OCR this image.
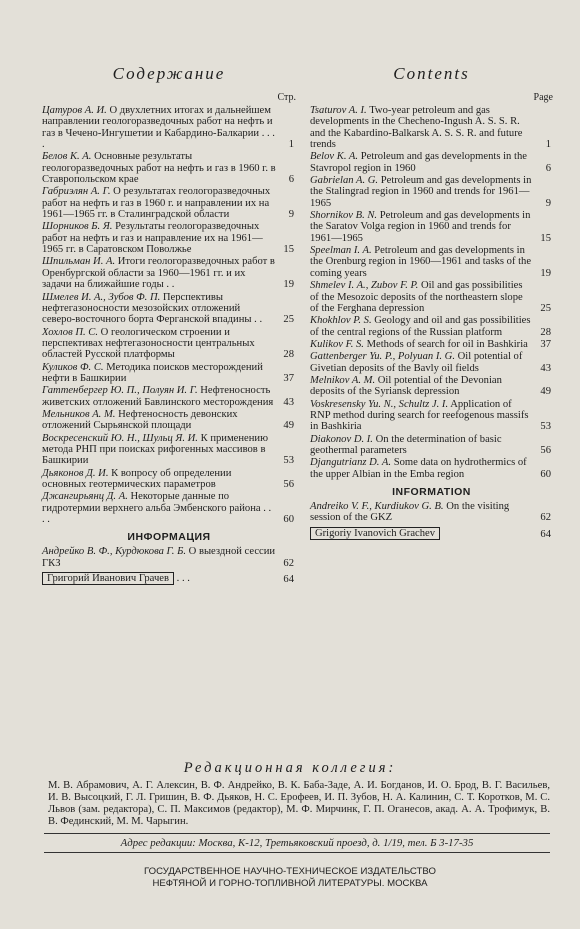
Содержание
Стр.
Цатуров А. И. О двухлетних итогах и дальнейшем направлении геологоразведочных работ на нефть и газ в Чечено-Ингушетии и Кабардино-Балкарии . . . .	1
Белов К. А. Основные результаты геологоразведочных работ на нефть и газ в 1960 г. в Ставропольском крае	6
Габриэлян А. Г. О результатах геологоразведочных работ на нефть и газ в 1960 г. и направлении их на 1961—1965 гг. в Сталинградской области	9
Шорников Б. Я. Результаты геологоразведочных работ на нефть и газ и направление их на 1961—1965 гг. в Саратовском Поволжье	15
Шпильман И. А. Итоги геологоразведочных работ в Оренбургской области за 1960—1961 гг. и их задачи на ближайшие годы . .	19
Шмелев И. А., Зубов Ф. П. Перспективы нефтегазоносности мезозойских отложений северо-восточного борта Ферганской впадины . .	25
Хохлов П. С. О геологическом строении и перспективах нефтегазоносности центральных областей Русской платформы	28
Куликов Ф. С. Методика поисков месторождений нефти в Башкирии	37
Гаттенбергер Ю. П., Полуян И. Г. Нефтеносность живетских отложений Бавлинского месторождения 43
Мельников А. М. Нефтеносность девонских отложений Сырьянской площади	49
Воскресенский Ю. Н., Шульц Я. И. К применению метода РНП при поисках рифогенных массивов в Башкирии	53
Дьяконов Д. И. К вопросу об определении основных геотермических параметров	56
Джангирьянц Д. А. Некоторые данные по гидротермии верхнего альба Эмбенского района . . . .	60
ИНФОРМАЦИЯ
Андрейко В. Ф., Курдюкова Г. Б. О выездной сессии ГКЗ	62
Григорий Иванович Грачев . . .	64
Contents
Page
Tsaturov A. I. Two-year petroleum and gas developments in the Checheno-Ingush A. S. S. R. and the Kabardino-Balkarsk A. S. S. R. and future trends	1
Belov K. A. Petroleum and gas developments in the Stavropol region in 1960	6
Gabrielan A. G. Petroleum and gas developments in the Stalingrad region in 1960 and trends for 1961—1965	9
Shornikov B. N. Petroleum and gas developments in the Saratov Volga region in 1960 and trends for 1961—1965	15
Speelman I. A. Petroleum and gas developments in the Orenburg region in 1960—1961 and tasks of the coming years	19
Shmelev I. A., Zubov F. P. Oil and gas possibilities of the Mesozoic deposits of the northeastern slope of the Ferghana depression	25
Khokhlov P. S. Geology and oil and gas possibilities of the central regions of the Russian platform	28
Kulikov F. S. Methods of search for oil in Bashkiria	37
Gattenberger Yu. P., Polyuan I. G. Oil potential of Givetian deposits of the Bavly oil fields	43
Melnikov A. M. Oil potential of the Devonian deposits of the Syriansk depression	49
Voskresensky Yu. N., Schultz J. I. Application of RNP method during search for reefogenous massifs in Bashkiria	53
Diakonov D. I. On the determination of basic geothermal parameters	56
Djangutrianz D. A. Some data on hydrothermics of the upper Albian in the Emba region	60
INFORMATION
Andreiko V. F., Kurdiukov G. B. On the visiting session of the GKZ	62
Grigoriy Ivanovich Grachev	64
Редакционная коллегия:
М. В. Абрамович, А. Г. Алексин, В. Ф. Андрейко, В. К. Баба-Заде, А. И. Богданов, И. О. Брод, В. Г. Васильев, И. В. Высоцкий, Г. Л. Гришин, В. Ф. Дьяков, Н. С. Ерофеев, И. П. Зубов, Н. А. Калинин, С. Т. Коротков, М. С. Львов (зам. редактора), С. П. Максимов (редактор), М. Ф. Мирчинк, Г. П. Оганесов, акад. А. А. Трофимук, В. В. Фединский, М. М. Чарыгин.
Адрес редакции: Москва, К-12, Третьяковский проезд, д. 1/19, тел. Б 3-17-35
ГОСУДАРСТВЕННОЕ НАУЧНО-ТЕХНИЧЕСКОЕ ИЗДАТЕЛЬСТВО
НЕФТЯНОЙ И ГОРНО-ТОПЛИВНОЙ ЛИТЕРАТУРЫ. МОСКВА
